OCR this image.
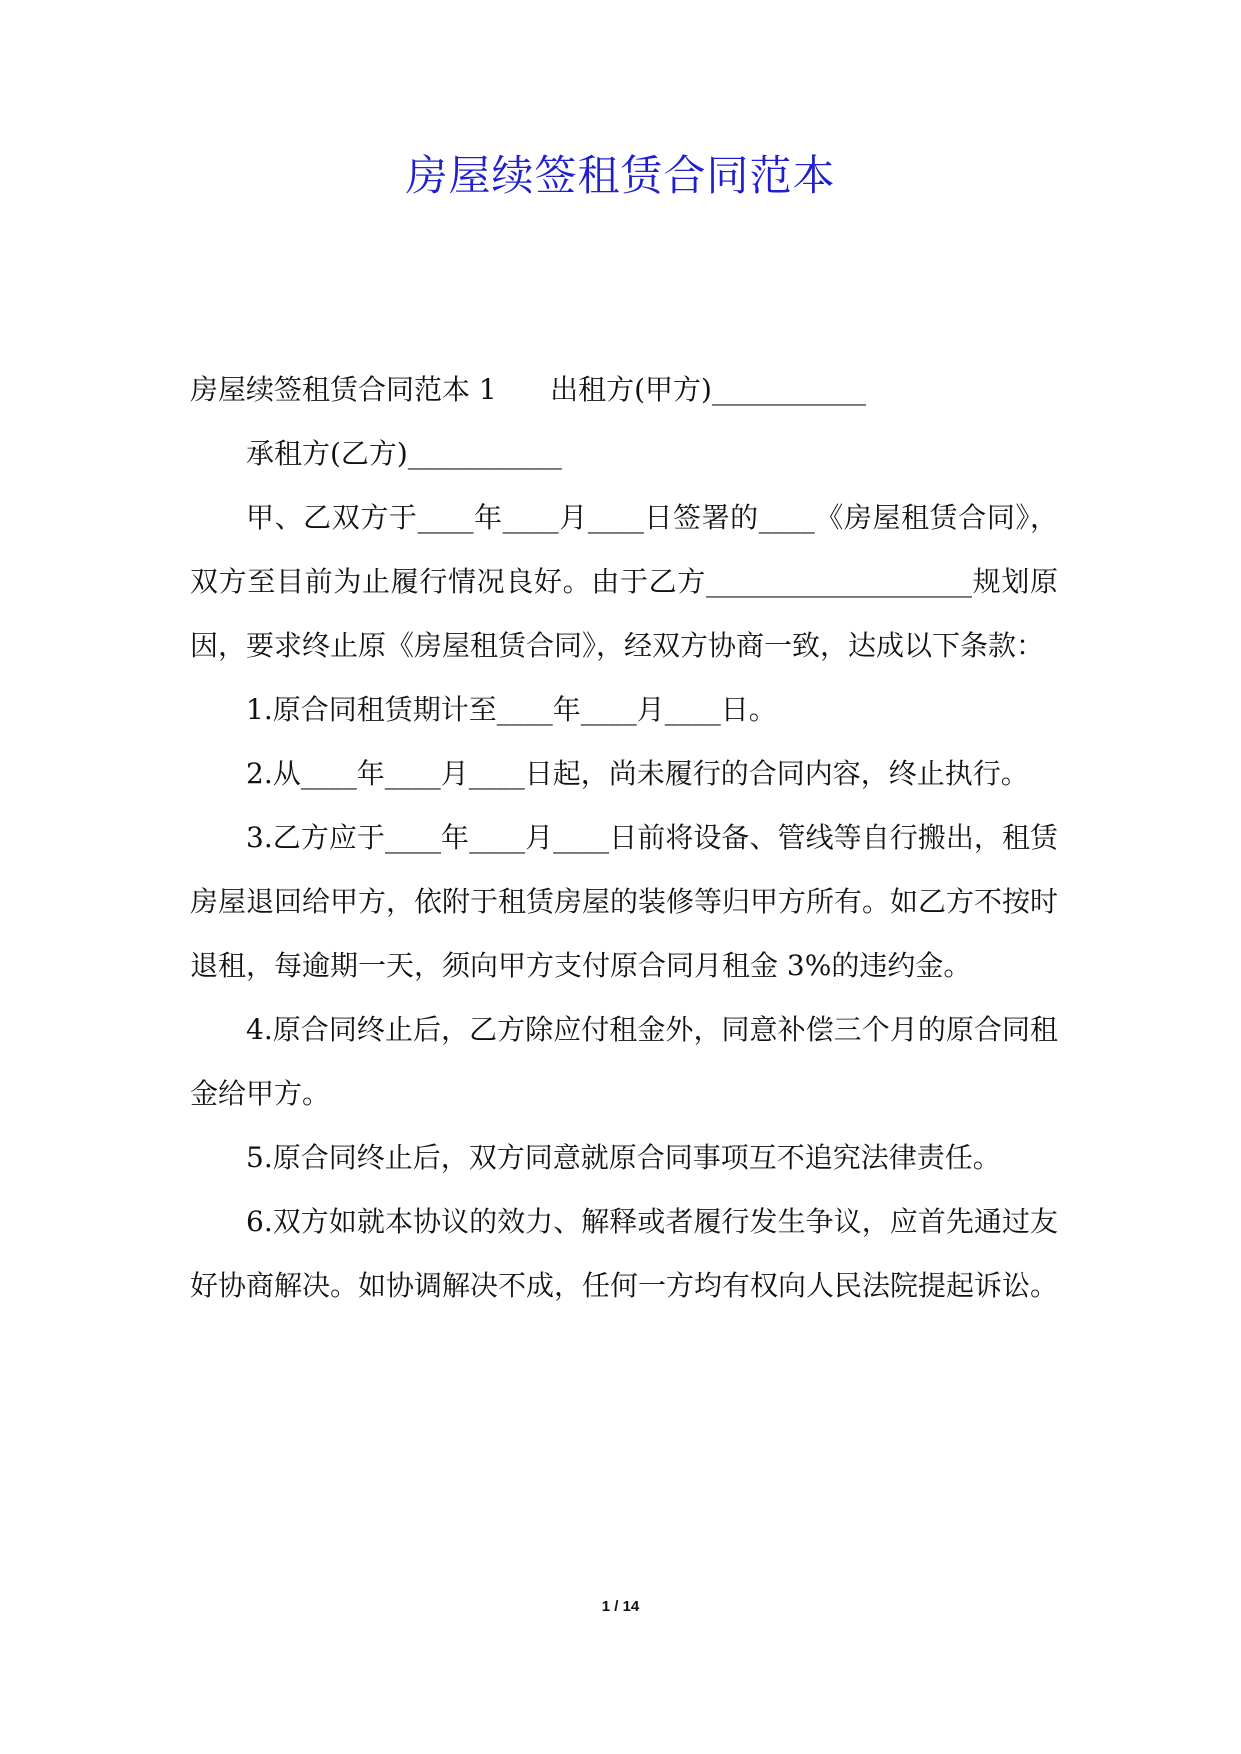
房屋续签租赁合同范本

房屋续签租赁合同范本 1      出租方(甲方)___________

承租方(乙方)___________

甲、乙双方于____年____月____日签署的____《房屋租赁合同》，双方至目前为止履行情况良好。由于乙方___________________规划原因，要求终止原《房屋租赁合同》，经双方协商一致，达成以下条款：

1.原合同租赁期计至____年____月____日。

2.从____年____月____日起，尚未履行的合同内容，终止执行。

3.乙方应于____年____月____日前将设备、管线等自行搬出，租赁房屋退回给甲方，依附于租赁房屋的装修等归甲方所有。如乙方不按时退租，每逾期一天，须向甲方支付原合同月租金 3%的违约金。

4.原合同终止后，乙方除应付租金外，同意补偿三个月的原合同租金给甲方。

5.原合同终止后，双方同意就原合同事项互不追究法律责任。

6.双方如就本协议的效力、解释或者履行发生争议，应首先通过友好协商解决。如协调解决不成，任何一方均有权向人民法院提起诉讼。

1 / 14
